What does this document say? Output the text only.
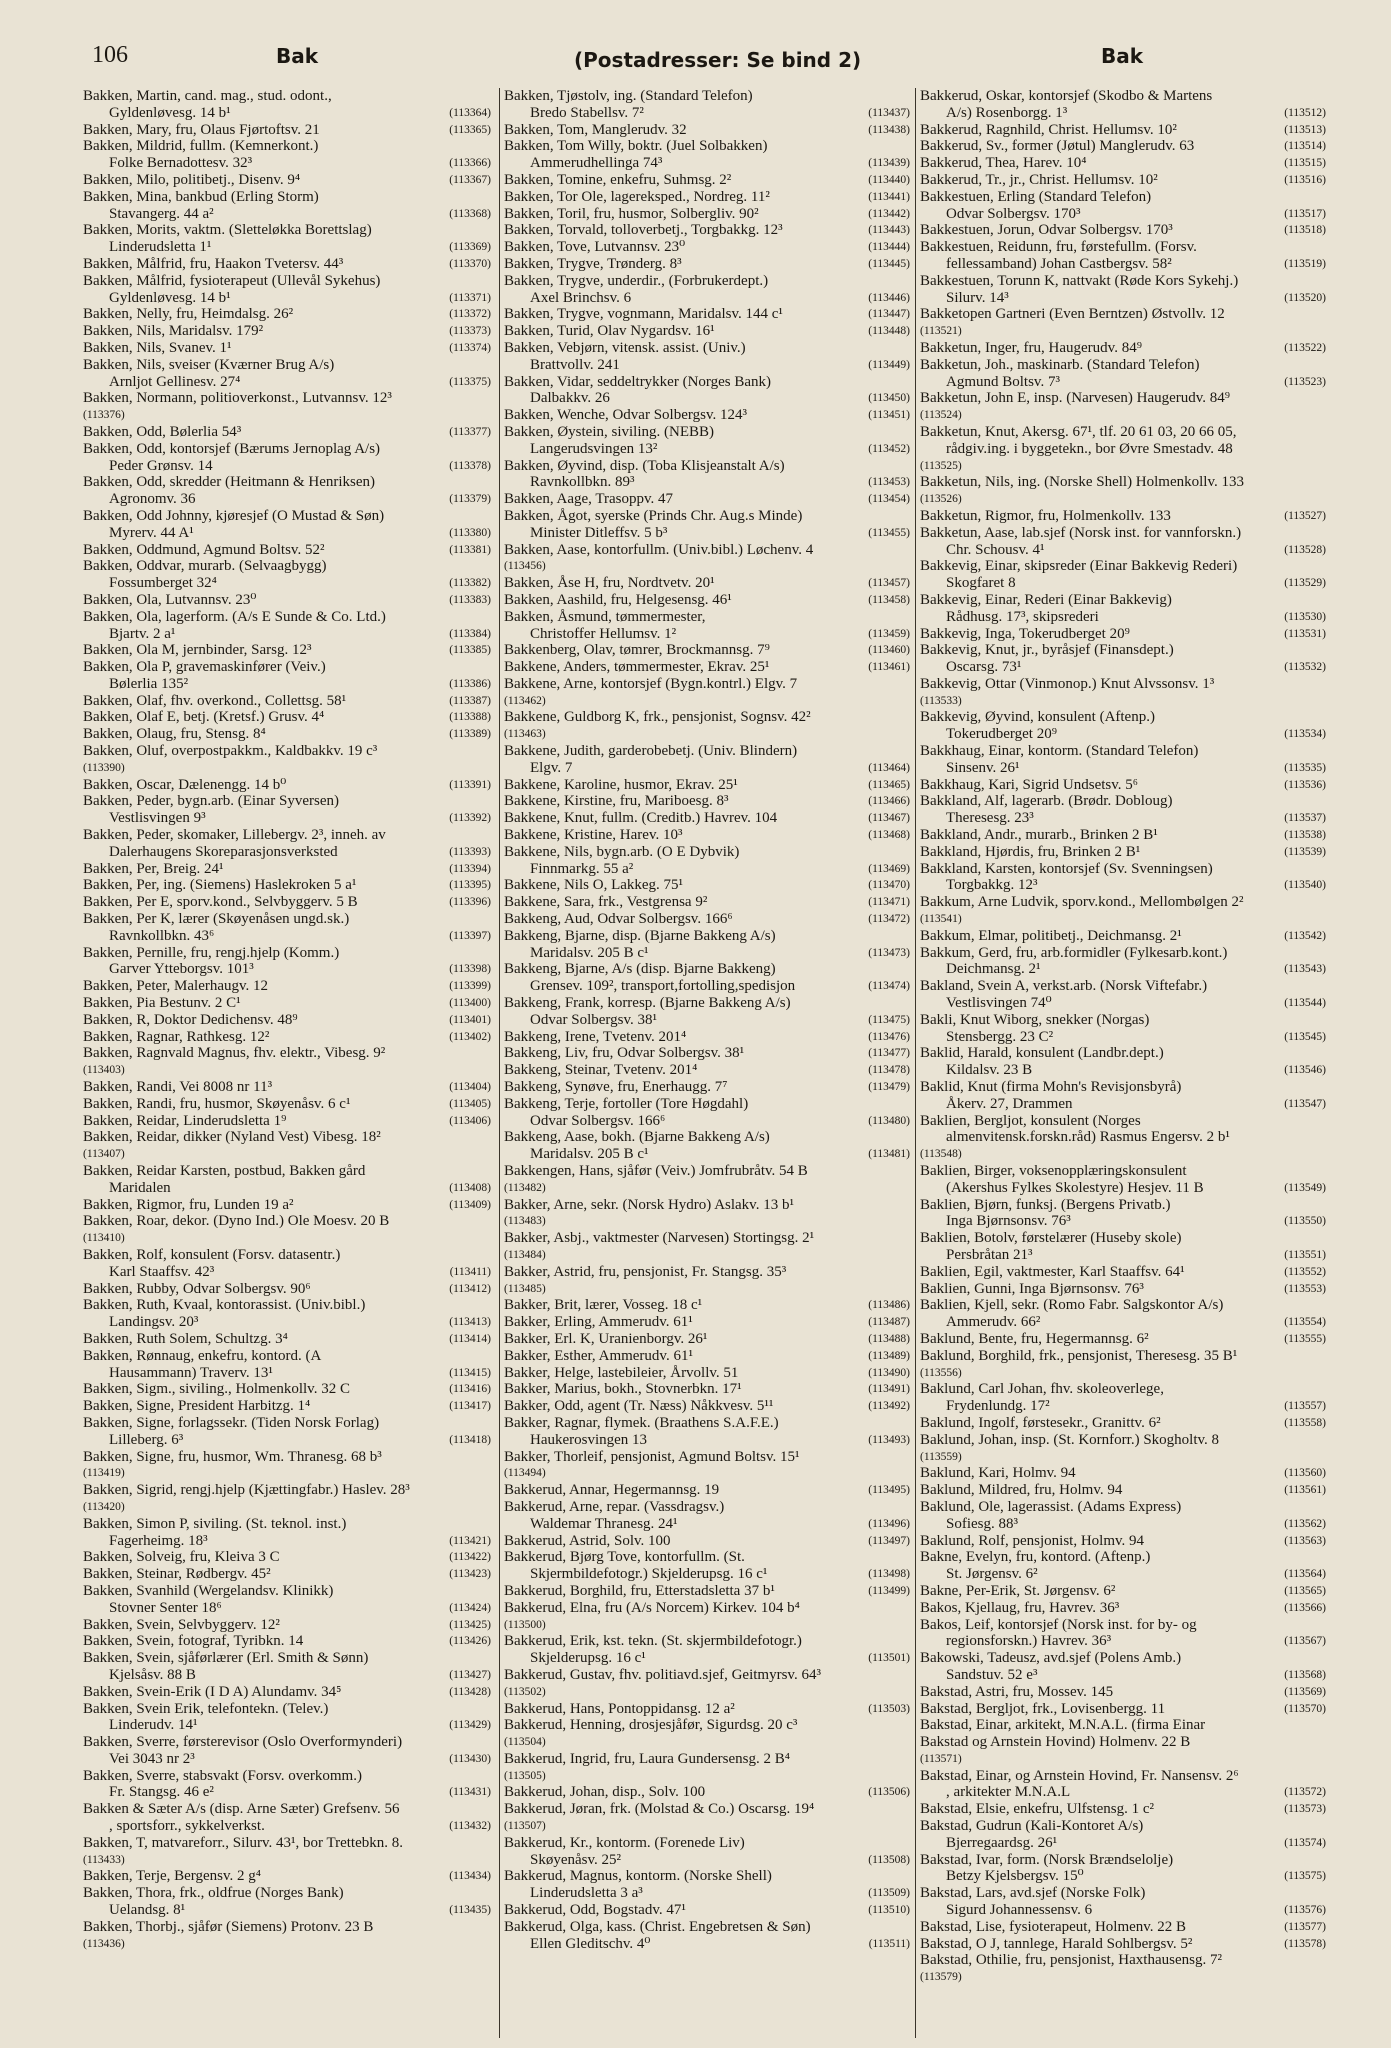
106	Bak	(Postadresser: Se bind 2)	Bak
Bakken, Martin, cand. mag., stud. odont.,
Gyldenløvesg. 14 b¹	(113364)
Bakken, Mary, fru, Olaus Fjørtoftsv. 21	(113365)
Bakken, Mildrid, fullm. (Kemnerkont.)
Folke Bernadottesv. 32³	(113366)
Bakken, Milo, politibetj., Disenv. 9⁴	(113367)
Bakken, Mina, bankbud (Erling Storm)
Stavangerg. 44 a²	(113368)
Bakken, Morits, vaktm. (Sletteløkka Borettslag)
Linderudsletta 1¹	(113369)
Bakken, Målfrid, fru, Haakon Tvetersv. 44³	(113370)
Bakken, Målfrid, fysioterapeut (Ullevål Sykehus)
Gyldenløvesg. 14 b¹	(113371)
Bakken, Nelly, fru, Heimdalsg. 26²	(113372)
Bakken, Nils, Maridalsv. 179²	(113373)
Bakken, Nils, Svanev. 1¹	(113374)
Bakken, Nils, sveiser (Kværner Brug A/s)
Arnljot Gellinesv. 27⁴	(113375)
Bakken, Normann, politioverkonst., Lutvannsv. 12³
(113376)
Bakken, Odd, Bølerlia 54³	(113377)
Bakken, Odd, kontorsjef (Bærums Jernoplag A/s)
Peder Grønsv. 14	(113378)
Bakken, Odd, skredder (Heitmann & Henriksen)
Agronomv. 36	(113379)
Bakken, Odd Johnny, kjøresjef (O Mustad & Søn)
Myrerv. 44 A¹	(113380)
Bakken, Oddmund, Agmund Boltsv. 52²	(113381)
Bakken, Oddvar, murarb. (Selvaagbygg)
Fossumberget 32⁴	(113382)
Bakken, Ola, Lutvannsv. 23⁰	(113383)
Bakken, Ola, lagerform. (A/s E Sunde & Co. Ltd.)
Bjartv. 2 a¹	(113384)
Bakken, Ola M, jernbinder, Sarsg. 12³	(113385)
Bakken, Ola P, gravemaskinfører (Veiv.)
Bølerlia 135²	(113386)
Bakken, Olaf, fhv. overkond., Collettsg. 58¹	(113387)
Bakken, Olaf E, betj. (Kretsf.) Grusv. 4⁴	(113388)
Bakken, Olaug, fru, Stensg. 8⁴	(113389)
Bakken, Oluf, overpostpakkm., Kaldbakkv. 19 c³
(113390)
Bakken, Oscar, Dælenengg. 14 b⁰	(113391)
Bakken, Peder, bygn.arb. (Einar Syversen)
Vestlisvingen 9³	(113392)
Bakken, Peder, skomaker, Lillebergv. 2³, inneh. av
Dalerhaugens Skoreparasjonsverksted	(113393)
Bakken, Per, Breig. 24¹	(113394)
Bakken, Per, ing. (Siemens) Haslekroken 5 a¹	(113395)
Bakken, Per E, sporv.kond., Selvbyggerv. 5 B	(113396)
Bakken, Per K, lærer (Skøyenåsen ungd.sk.)
Ravnkollbkn. 43⁶	(113397)
Bakken, Pernille, fru, rengj.hjelp (Komm.)
Garver Ytteborgsv. 101³	(113398)
Bakken, Peter, Malerhaugv. 12	(113399)
Bakken, Pia Bestunv. 2 C¹	(113400)
Bakken, R, Doktor Dedichensv. 48⁹	(113401)
Bakken, Ragnar, Rathkesg. 12²	(113402)
Bakken, Ragnvald Magnus, fhv. elektr., Vibesg. 9²
(113403)
Bakken, Randi, Vei 8008 nr 11³	(113404)
Bakken, Randi, fru, husmor, Skøyenåsv. 6 c¹	(113405)
Bakken, Reidar, Linderudsletta 1⁹	(113406)
Bakken, Reidar, dikker (Nyland Vest) Vibesg. 18²
(113407)
Bakken, Reidar Karsten, postbud, Bakken gård
Maridalen	(113408)
Bakken, Rigmor, fru, Lunden 19 a²	(113409)
Bakken, Roar, dekor. (Dyno Ind.) Ole Moesv. 20 B
(113410)
Bakken, Rolf, konsulent (Forsv. datasentr.)
Karl Staaffsv. 42³	(113411)
Bakken, Rubby, Odvar Solbergsv. 90⁶	(113412)
Bakken, Ruth, Kvaal, kontorassist. (Univ.bibl.)
Landingsv. 20³	(113413)
Bakken, Ruth Solem, Schultzg. 3⁴	(113414)
Bakken, Rønnaug, enkefru, kontord. (A
Hausammann) Traverv. 13¹	(113415)
Bakken, Sigm., siviling., Holmenkollv. 32 C	(113416)
Bakken, Signe, President Harbitzg. 1⁴	(113417)
Bakken, Signe, forlagssekr. (Tiden Norsk Forlag)
Lilleberg. 6³	(113418)
Bakken, Signe, fru, husmor, Wm. Thranesg. 68 b³
(113419)
Bakken, Sigrid, rengj.hjelp (Kjættingfabr.) Haslev. 28³
(113420)
Bakken, Simon P, siviling. (St. teknol. inst.)
Fagerheimg. 18³	(113421)
Bakken, Solveig, fru, Kleiva 3 C	(113422)
Bakken, Steinar, Rødbergv. 45²	(113423)
Bakken, Svanhild (Wergelandsv. Klinikk)
Stovner Senter 18⁶	(113424)
Bakken, Svein, Selvbyggerv. 12²	(113425)
Bakken, Svein, fotograf, Tyribkn. 14	(113426)
Bakken, Svein, sjåførlærer (Erl. Smith & Sønn)
Kjelsåsv. 88 B	(113427)
Bakken, Svein-Erik (I D A) Alundamv. 34⁵	(113428)
Bakken, Svein Erik, telefontekn. (Telev.)
Linderudv. 14¹	(113429)
Bakken, Sverre, førsterevisor (Oslo Overformynderi)
Vei 3043 nr 2³	(113430)
Bakken, Sverre, stabsvakt (Forsv. overkomm.)
Fr. Stangsg. 46 e²	(113431)
Bakken & Sæter A/s (disp. Arne Sæter) Grefsenv. 56
, sportsforr., sykkelverkst.	(113432)
Bakken, T, matvareforr., Silurv. 43¹, bor Trettebkn. 8.
(113433)
Bakken, Terje, Bergensv. 2 g⁴	(113434)
Bakken, Thora, frk., oldfrue (Norges Bank)
Uelandsg. 8¹	(113435)
Bakken, Thorbj., sjåfør (Siemens) Protonv. 23 B
(113436)
Bakken, Tjøstolv, ing. (Standard Telefon)
Bredo Stabellsv. 7²	(113437)
Bakken, Tom, Manglerudv. 32	(113438)
Bakken, Tom Willy, boktr. (Juel Solbakken)
Ammerudhellinga 74³	(113439)
Bakken, Tomine, enkefru, Suhmsg. 2²	(113440)
Bakken, Tor Ole, lagereksped., Nordreg. 11²	(113441)
Bakken, Toril, fru, husmor, Solbergliv. 90²	(113442)
Bakken, Torvald, tolloverbetj., Torgbakkg. 12³	(113443)
Bakken, Tove, Lutvannsv. 23⁰	(113444)
Bakken, Trygve, Trønderg. 8³	(113445)
Bakken, Trygve, underdir., (Forbrukerdept.)
Axel Brinchsv. 6	(113446)
Bakken, Trygve, vognmann, Maridalsv. 144 c¹	(113447)
Bakken, Turid, Olav Nygardsv. 16¹	(113448)
Bakken, Vebjørn, vitensk. assist. (Univ.)
Brattvollv. 241	(113449)
Bakken, Vidar, seddeltrykker (Norges Bank)
Dalbakkv. 26	(113450)
Bakken, Wenche, Odvar Solbergsv. 124³	(113451)
Bakken, Øystein, siviling. (NEBB)
Langerudsvingen 13²	(113452)
Bakken, Øyvind, disp. (Toba Klisjeanstalt A/s)
Ravnkollbkn. 89³	(113453)
Bakken, Aage, Trasoppv. 47	(113454)
Bakken, Ågot, syerske (Prinds Chr. Aug.s Minde)
Minister Ditleffsv. 5 b³	(113455)
Bakken, Aase, kontorfullm. (Univ.bibl.) Løchenv. 4
(113456)
Bakken, Åse H, fru, Nordtvetv. 20¹	(113457)
Bakken, Aashild, fru, Helgesensg. 46¹	(113458)
Bakken, Åsmund, tømmermester,
Christoffer Hellumsv. 1²	(113459)
Bakkenberg, Olav, tømrer, Brockmannsg. 7⁹	(113460)
Bakkene, Anders, tømmermester, Ekrav. 25¹	(113461)
Bakkene, Arne, kontorsjef (Bygn.kontrl.) Elgv. 7
(113462)
Bakkene, Guldborg K, frk., pensjonist, Sognsv. 42²
(113463)
Bakkene, Judith, garderobebetj. (Univ. Blindern)
Elgv. 7	(113464)
Bakkene, Karoline, husmor, Ekrav. 25¹	(113465)
Bakkene, Kirstine, fru, Mariboesg. 8³	(113466)
Bakkene, Knut, fullm. (Creditb.) Havrev. 104	(113467)
Bakkene, Kristine, Harev. 10³	(113468)
Bakkene, Nils, bygn.arb. (O E Dybvik)
Finnmarkg. 55 a²	(113469)
Bakkene, Nils O, Lakkeg. 75¹	(113470)
Bakkene, Sara, frk., Vestgrensa 9²	(113471)
Bakkeng, Aud, Odvar Solbergsv. 166⁶	(113472)
Bakkeng, Bjarne, disp. (Bjarne Bakkeng A/s)
Maridalsv. 205 B c¹	(113473)
Bakkeng, Bjarne, A/s (disp. Bjarne Bakkeng)
Grensev. 109², transport,fortolling,spedisjon	(113474)
Bakkeng, Frank, korresp. (Bjarne Bakkeng A/s)
Odvar Solbergsv. 38¹	(113475)
Bakkeng, Irene, Tvetenv. 201⁴	(113476)
Bakkeng, Liv, fru, Odvar Solbergsv. 38¹	(113477)
Bakkeng, Steinar, Tvetenv. 201⁴	(113478)
Bakkeng, Synøve, fru, Enerhaugg. 7⁷	(113479)
Bakkeng, Terje, fortoller (Tore Høgdahl)
Odvar Solbergsv. 166⁶	(113480)
Bakkeng, Aase, bokh. (Bjarne Bakkeng A/s)
Maridalsv. 205 B c¹	(113481)
Bakkengen, Hans, sjåfør (Veiv.) Jomfrubråtv. 54 B
(113482)
Bakker, Arne, sekr. (Norsk Hydro) Aslakv. 13 b¹
(113483)
Bakker, Asbj., vaktmester (Narvesen) Stortingsg. 2¹
(113484)
Bakker, Astrid, fru, pensjonist, Fr. Stangsg. 35³
(113485)
Bakker, Brit, lærer, Vosseg. 18 c¹	(113486)
Bakker, Erling, Ammerudv. 61¹	(113487)
Bakker, Erl. K, Uranienborgv. 26¹	(113488)
Bakker, Esther, Ammerudv. 61¹	(113489)
Bakker, Helge, lastebileier, Årvollv. 51	(113490)
Bakker, Marius, bokh., Stovnerbkn. 17¹	(113491)
Bakker, Odd, agent (Tr. Næss) Nåkkvesv. 5¹¹	(113492)
Bakker, Ragnar, flymek. (Braathens S.A.F.E.)
Haukerosvingen 13	(113493)
Bakker, Thorleif, pensjonist, Agmund Boltsv. 15¹
(113494)
Bakkerud, Annar, Hegermannsg. 19	(113495)
Bakkerud, Arne, repar. (Vassdragsv.)
Waldemar Thranesg. 24¹	(113496)
Bakkerud, Astrid, Solv. 100	(113497)
Bakkerud, Bjørg Tove, kontorfullm. (St.
Skjermbildefotogr.) Skjelderupsg. 16 c¹	(113498)
Bakkerud, Borghild, fru, Etterstadsletta 37 b¹	(113499)
Bakkerud, Elna, fru (A/s Norcem) Kirkev. 104 b⁴
(113500)
Bakkerud, Erik, kst. tekn. (St. skjermbildefotogr.)
Skjelderupsg. 16 c¹	(113501)
Bakkerud, Gustav, fhv. politiavd.sjef, Geitmyrsv. 64³
(113502)
Bakkerud, Hans, Pontoppidansg. 12 a²	(113503)
Bakkerud, Henning, drosjesjåfør, Sigurdsg. 20 c³
(113504)
Bakkerud, Ingrid, fru, Laura Gundersensg. 2 B⁴
(113505)
Bakkerud, Johan, disp., Solv. 100	(113506)
Bakkerud, Jøran, frk. (Molstad & Co.) Oscarsg. 19⁴
(113507)
Bakkerud, Kr., kontorm. (Forenede Liv)
Skøyenåsv. 25²	(113508)
Bakkerud, Magnus, kontorm. (Norske Shell)
Linderudsletta 3 a³	(113509)
Bakkerud, Odd, Bogstadv. 47¹	(113510)
Bakkerud, Olga, kass. (Christ. Engebretsen & Søn)
Ellen Gleditschv. 4⁰	(113511)
Bakkerud, Oskar, kontorsjef (Skodbo & Martens
A/s) Rosenborgg. 1³	(113512)
Bakkerud, Ragnhild, Christ. Hellumsv. 10²	(113513)
Bakkerud, Sv., former (Jøtul) Manglerudv. 63	(113514)
Bakkerud, Thea, Harev. 10⁴	(113515)
Bakkerud, Tr., jr., Christ. Hellumsv. 10²	(113516)
Bakkestuen, Erling (Standard Telefon)
Odvar Solbergsv. 170³	(113517)
Bakkestuen, Jorun, Odvar Solbergsv. 170³	(113518)
Bakkestuen, Reidunn, fru, førstefullm. (Forsv.
fellessamband) Johan Castbergsv. 58²	(113519)
Bakkestuen, Torunn K, nattvakt (Røde Kors Sykehj.)
Silurv. 14³	(113520)
Bakketopen Gartneri (Even Berntzen) Østvollv. 12
(113521)
Bakketun, Inger, fru, Haugerudv. 84⁹	(113522)
Bakketun, Joh., maskinarb. (Standard Telefon)
Agmund Boltsv. 7³	(113523)
Bakketun, John E, insp. (Narvesen) Haugerudv. 84⁹
(113524)
Bakketun, Knut, Akersg. 67¹, tlf. 20 61 03, 20 66 05,
rådgiv.ing. i byggetekn., bor Øvre Smestadv. 48
(113525)
Bakketun, Nils, ing. (Norske Shell) Holmenkollv. 133
(113526)
Bakketun, Rigmor, fru, Holmenkollv. 133	(113527)
Bakketun, Aase, lab.sjef (Norsk inst. for vannforskn.)
Chr. Schousv. 4¹	(113528)
Bakkevig, Einar, skipsreder (Einar Bakkevig Rederi)
Skogfaret 8	(113529)
Bakkevig, Einar, Rederi (Einar Bakkevig)
Rådhusg. 17³, skipsrederi	(113530)
Bakkevig, Inga, Tokerudberget 20⁹	(113531)
Bakkevig, Knut, jr., byråsjef (Finansdept.)
Oscarsg. 73¹	(113532)
Bakkevig, Ottar (Vinmonop.) Knut Alvssonsv. 1³
(113533)
Bakkevig, Øyvind, konsulent (Aftenp.)
Tokerudberget 20⁹	(113534)
Bakkhaug, Einar, kontorm. (Standard Telefon)
Sinsenv. 26¹	(113535)
Bakkhaug, Kari, Sigrid Undsetsv. 5⁶	(113536)
Bakkland, Alf, lagerarb. (Brødr. Dobloug)
Theresesg. 23³	(113537)
Bakkland, Andr., murarb., Brinken 2 B¹	(113538)
Bakkland, Hjørdis, fru, Brinken 2 B¹	(113539)
Bakkland, Karsten, kontorsjef (Sv. Svenningsen)
Torgbakkg. 12³	(113540)
Bakkum, Arne Ludvik, sporv.kond., Mellombølgen 2²
(113541)
Bakkum, Elmar, politibetj., Deichmansg. 2¹	(113542)
Bakkum, Gerd, fru, arb.formidler (Fylkesarb.kont.)
Deichmansg. 2¹	(113543)
Bakland, Svein A, verkst.arb. (Norsk Viftefabr.)
Vestlisvingen 74⁰	(113544)
Bakli, Knut Wiborg, snekker (Norgas)
Stensbergg. 23 C²	(113545)
Baklid, Harald, konsulent (Landbr.dept.)
Kildalsv. 23 B	(113546)
Baklid, Knut (firma Mohn's Revisjonsbyrå)
Åkerv. 27, Drammen	(113547)
Baklien, Bergljot, konsulent (Norges
almenvitensk.forskn.råd) Rasmus Engersv. 2 b¹
(113548)
Baklien, Birger, voksenopplæringskonsulent
(Akershus Fylkes Skolestyre) Hesjev. 11 B	(113549)
Baklien, Bjørn, funksj. (Bergens Privatb.)
Inga Bjørnsonsv. 76³	(113550)
Baklien, Botolv, førstelærer (Huseby skole)
Persbråtan 21³	(113551)
Baklien, Egil, vaktmester, Karl Staaffsv. 64¹	(113552)
Baklien, Gunni, Inga Bjørnsonsv. 76³	(113553)
Baklien, Kjell, sekr. (Romo Fabr. Salgskontor A/s)
Ammerudv. 66²	(113554)
Baklund, Bente, fru, Hegermannsg. 6²	(113555)
Baklund, Borghild, frk., pensjonist, Theresesg. 35 B¹
(113556)
Baklund, Carl Johan, fhv. skoleoverlege,
Frydenlundg. 17²	(113557)
Baklund, Ingolf, førstesekr., Granittv. 6²	(113558)
Baklund, Johan, insp. (St. Kornforr.) Skogholtv. 8
(113559)
Baklund, Kari, Holmv. 94	(113560)
Baklund, Mildred, fru, Holmv. 94	(113561)
Baklund, Ole, lagerassist. (Adams Express)
Sofiesg. 88³	(113562)
Baklund, Rolf, pensjonist, Holmv. 94	(113563)
Bakne, Evelyn, fru, kontord. (Aftenp.)
St. Jørgensv. 6²	(113564)
Bakne, Per-Erik, St. Jørgensv. 6²	(113565)
Bakos, Kjellaug, fru, Havrev. 36³	(113566)
Bakos, Leif, kontorsjef (Norsk inst. for by- og
regionsforskn.) Havrev. 36³	(113567)
Bakowski, Tadeusz, avd.sjef (Polens Amb.)
Sandstuv. 52 e³	(113568)
Bakstad, Astri, fru, Mossev. 145	(113569)
Bakstad, Bergljot, frk., Lovisenbergg. 11	(113570)
Bakstad, Einar, arkitekt, M.N.A.L. (firma Einar
Bakstad og Arnstein Hovind) Holmenv. 22 B
(113571)
Bakstad, Einar, og Arnstein Hovind, Fr. Nansensv. 2⁶
, arkitekter M.N.A.L	(113572)
Bakstad, Elsie, enkefru, Ulfstensg. 1 c²	(113573)
Bakstad, Gudrun (Kali-Kontoret A/s)
Bjerregaardsg. 26¹	(113574)
Bakstad, Ivar, form. (Norsk Brændselolje)
Betzy Kjelsbergsv. 15⁰	(113575)
Bakstad, Lars, avd.sjef (Norske Folk)
Sigurd Johannessensv. 6	(113576)
Bakstad, Lise, fysioterapeut, Holmenv. 22 B	(113577)
Bakstad, O J, tannlege, Harald Sohlbergsv. 5²	(113578)
Bakstad, Othilie, fru, pensjonist, Haxthausensg. 7²
(113579)
